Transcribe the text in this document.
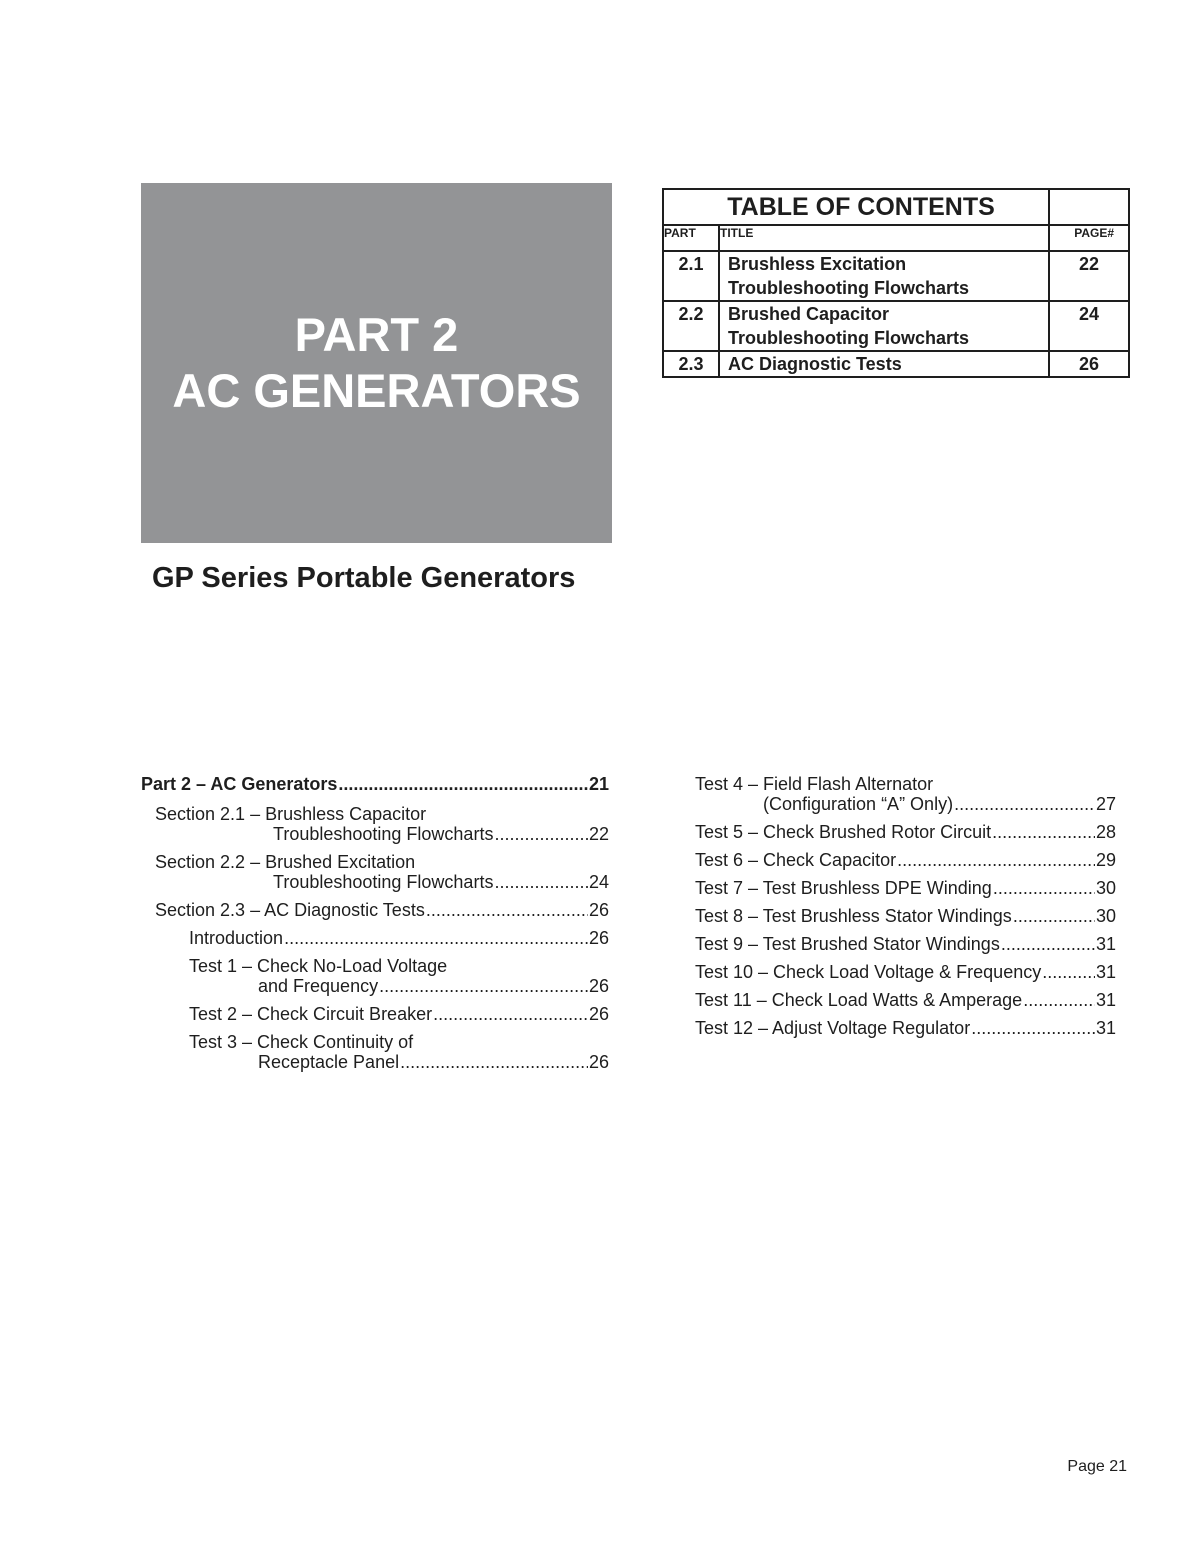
PART 2
AC GENERATORS
GP Series Portable Generators
TABLE OF CONTENTS		
PART	TITLE	PAGE#
2.1	Brushless Excitation
Troubleshooting Flowcharts	22
2.2	Brushed Capacitor
Troubleshooting Flowcharts	24
2.3	AC Diagnostic Tests	26
Part 2 – AC Generators .....	21
Section 2.1 – Brushless Capacitor
Troubleshooting Flowcharts .....	22
Section 2.2 – Brushed Excitation
Troubleshooting Flowcharts .....	24
Section 2.3 – AC Diagnostic Tests .....	26
Introduction .....	26
Test 1 – Check No-Load Voltage
and Frequency .....	26
Test 2 – Check Circuit Breaker .....	26
Test 3 – Check Continuity of
Receptacle Panel .....	26
Test 4 – Field Flash Alternator
(Configuration “A” Only) .....	27
Test 5 – Check Brushed Rotor Circuit .....	28
Test 6 – Check Capacitor .....	29
Test 7 – Test Brushless DPE Winding .....	30
Test 8 – Test Brushless Stator Windings .....	30
Test 9 – Test Brushed Stator Windings .....	31
Test 10 – Check Load Voltage & Frequency .....	31
Test 11 – Check Load Watts & Amperage .....	31
Test 12 – Adjust Voltage Regulator .....	31
Page 21
